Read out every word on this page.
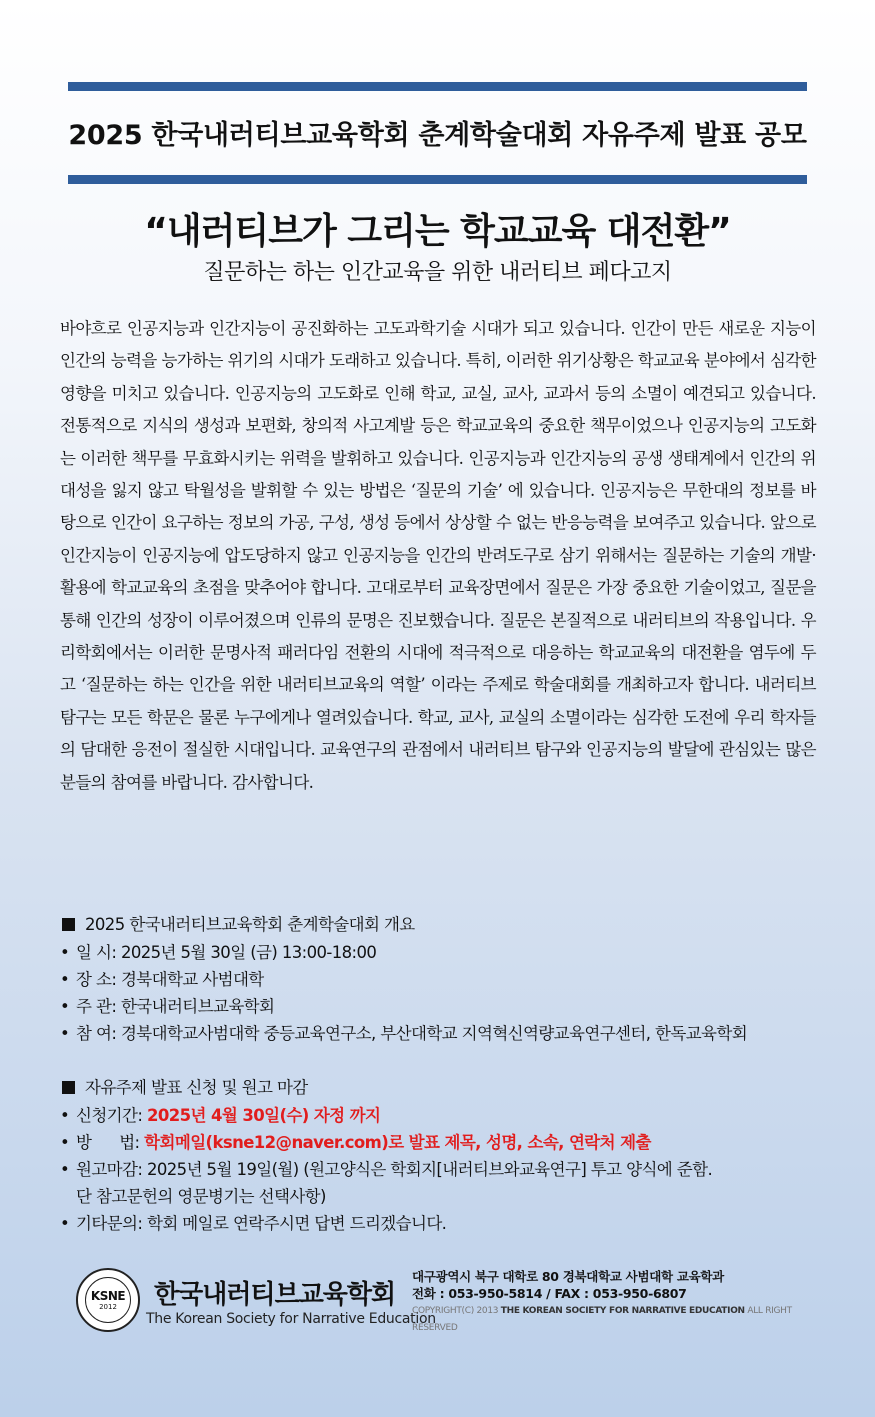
2025 한국내러티브교육학회 춘계학술대회 자유주제 발표 공모
“내러티브가 그리는 학교교육 대전환”
질문하는 하는 인간교육을 위한 내러티브 페다고지
바야흐로 인공지능과 인간지능이 공진화하는 고도과학기술 시대가 되고 있습니다. 인간이 만든 새로운 지능이 인간의 능력을 능가하는 위기의 시대가 도래하고 있습니다. 특히, 이러한 위기상황은 학교교육 분야에서 심각한 영향을 미치고 있습니다. 인공지능의 고도화로 인해 학교, 교실, 교사, 교과서 등의 소멸이 예견되고 있습니다. 전통적으로 지식의 생성과 보편화, 창의적 사고계발 등은 학교교육의 중요한 책무이었으나 인공지능의 고도화는 이러한 책무를 무효화시키는 위력을 발휘하고 있습니다. 인공지능과 인간지능의 공생 생태계에서 인간의 위대성을 잃지 않고 탁월성을 발휘할 수 있는 방법은 ‘질문의 기술’ 에 있습니다. 인공지능은 무한대의 정보를 바탕으로 인간이 요구하는 정보의 가공, 구성, 생성 등에서 상상할 수 없는 반응능력을 보여주고 있습니다. 앞으로 인간지능이 인공지능에 압도당하지 않고 인공지능을 인간의 반려도구로 삼기 위해서는 질문하는 기술의 개발·활용에 학교교육의 초점을 맞추어야 합니다. 고대로부터 교육장면에서 질문은 가장 중요한 기술이었고, 질문을 통해 인간의 성장이 이루어졌으며 인류의 문명은 진보했습니다. 질문은 본질적으로 내러티브의 작용입니다. 우리학회에서는 이러한 문명사적 패러다임 전환의 시대에 적극적으로 대응하는 학교교육의 대전환을 염두에 두고 ‘질문하는 하는 인간을 위한 내러티브교육의 역할’ 이라는 주제로 학술대회를 개최하고자 합니다. 내러티브 탐구는 모든 학문은 물론 누구에게나 열려있습니다. 학교, 교사, 교실의 소멸이라는 심각한 도전에 우리 학자들의 담대한 응전이 절실한 시대입니다. 교육연구의 관점에서 내러티브 탐구와 인공지능의 발달에 관심있는 많은 분들의 참여를 바랍니다. 감사합니다.
2025 한국내러티브교육학회 춘계학술대회 개요
• 일 시: 2025년 5월 30일 (금) 13:00-18:00
• 장 소: 경북대학교 사범대학
• 주 관: 한국내러티브교육학회
• 참 여: 경북대학교사범대학 중등교육연구소, 부산대학교 지역혁신역량교육연구센터, 한독교육학회
자유주제 발표 신청 및 원고 마감
• 신청기간: 2025년 4월 30일(수) 자정 까지
• 방      법: 학회메일(ksne12@naver.com)로 발표 제목, 성명, 소속, 연락처 제출
• 원고마감: 2025년 5월 19일(월) (원고양식은 학회지[내러티브와교육연구] 투고 양식에 준함.
단 참고문헌의 영문병기는 선택사항)
• 기타문의: 학회 메일로 연락주시면 답변 드리겠습니다.
KSNE
2012	한국내러티브교육학회
The Korean Society for Narrative Education
대구광역시 북구 대학로 80 경북대학교 사범대학 교육학과
전화 : 053-950-5814 / FAX : 053-950-6807
COPYRIGHT(C) 2013 THE KOREAN SOCIETY FOR NARRATIVE EDUCATION ALL RIGHT RESERVED
